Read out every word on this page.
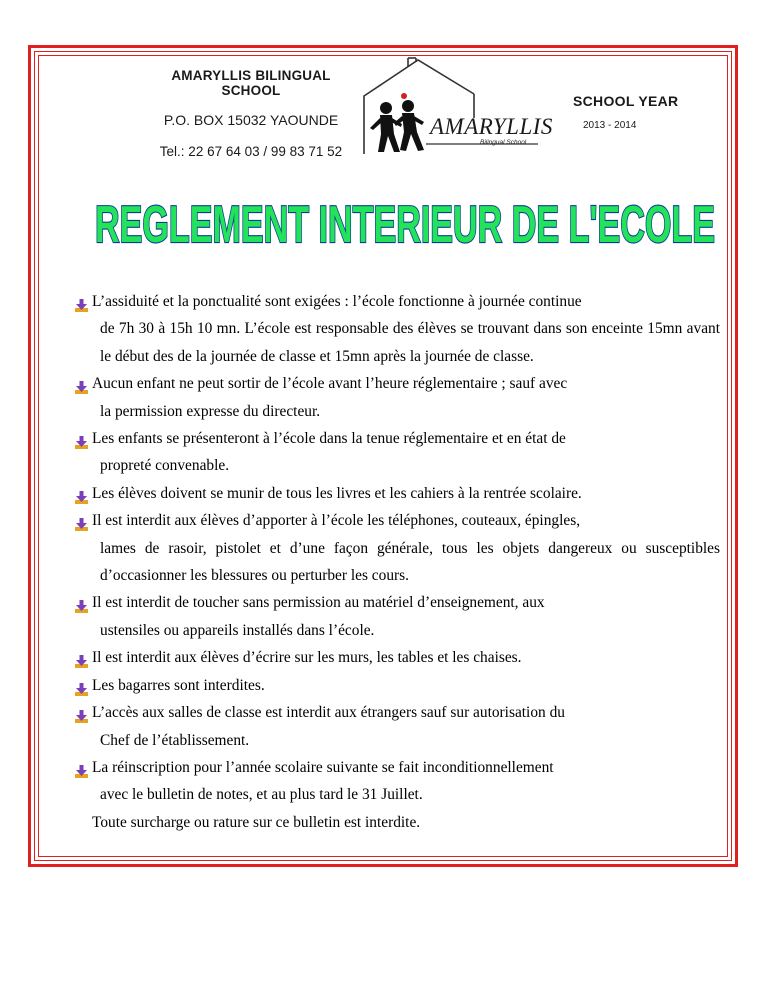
AMARYLLIS BILINGUAL SCHOOL
P.O. BOX 15032 YAOUNDE
Tel.: 22 67 64 03 / 99 83 71 52
AMARYLLIS
Bilingual School
SCHOOL YEAR
2013 - 2014
REGLEMENT INTERIEUR DE L'ECOLE
L’assiduité et la ponctualité sont exigées : l’école fonctionne à journée continue
de 7h 30 à 15h 10 mn. L’école est responsable des élèves se trouvant dans son enceinte 15mn avant le début des de la journée de classe et 15mn après la journée de classe.
Aucun enfant ne peut sortir de l’école avant l’heure réglementaire ; sauf avec
la permission expresse du directeur.
Les enfants se présenteront à l’école dans la tenue réglementaire et en état de
propreté convenable.
Les élèves doivent se munir de tous les livres et les cahiers à la rentrée scolaire.
Il est interdit aux élèves d’apporter à l’école les téléphones, couteaux, épingles,
lames de rasoir, pistolet et d’une façon générale, tous les objets dangereux ou susceptibles d’occasionner les blessures ou perturber les cours.
Il est interdit de toucher sans permission au matériel d’enseignement, aux
ustensiles ou appareils installés dans l’école.
Il est interdit aux élèves d’écrire sur les murs, les tables et les chaises.
Les bagarres sont interdites.
L’accès aux salles de classe est interdit aux étrangers sauf sur autorisation du
Chef de l’établissement.
La réinscription pour l’année scolaire suivante se fait inconditionnellement
avec le bulletin de notes, et au plus tard le 31 Juillet.
Toute surcharge ou rature sur ce bulletin est interdite.
